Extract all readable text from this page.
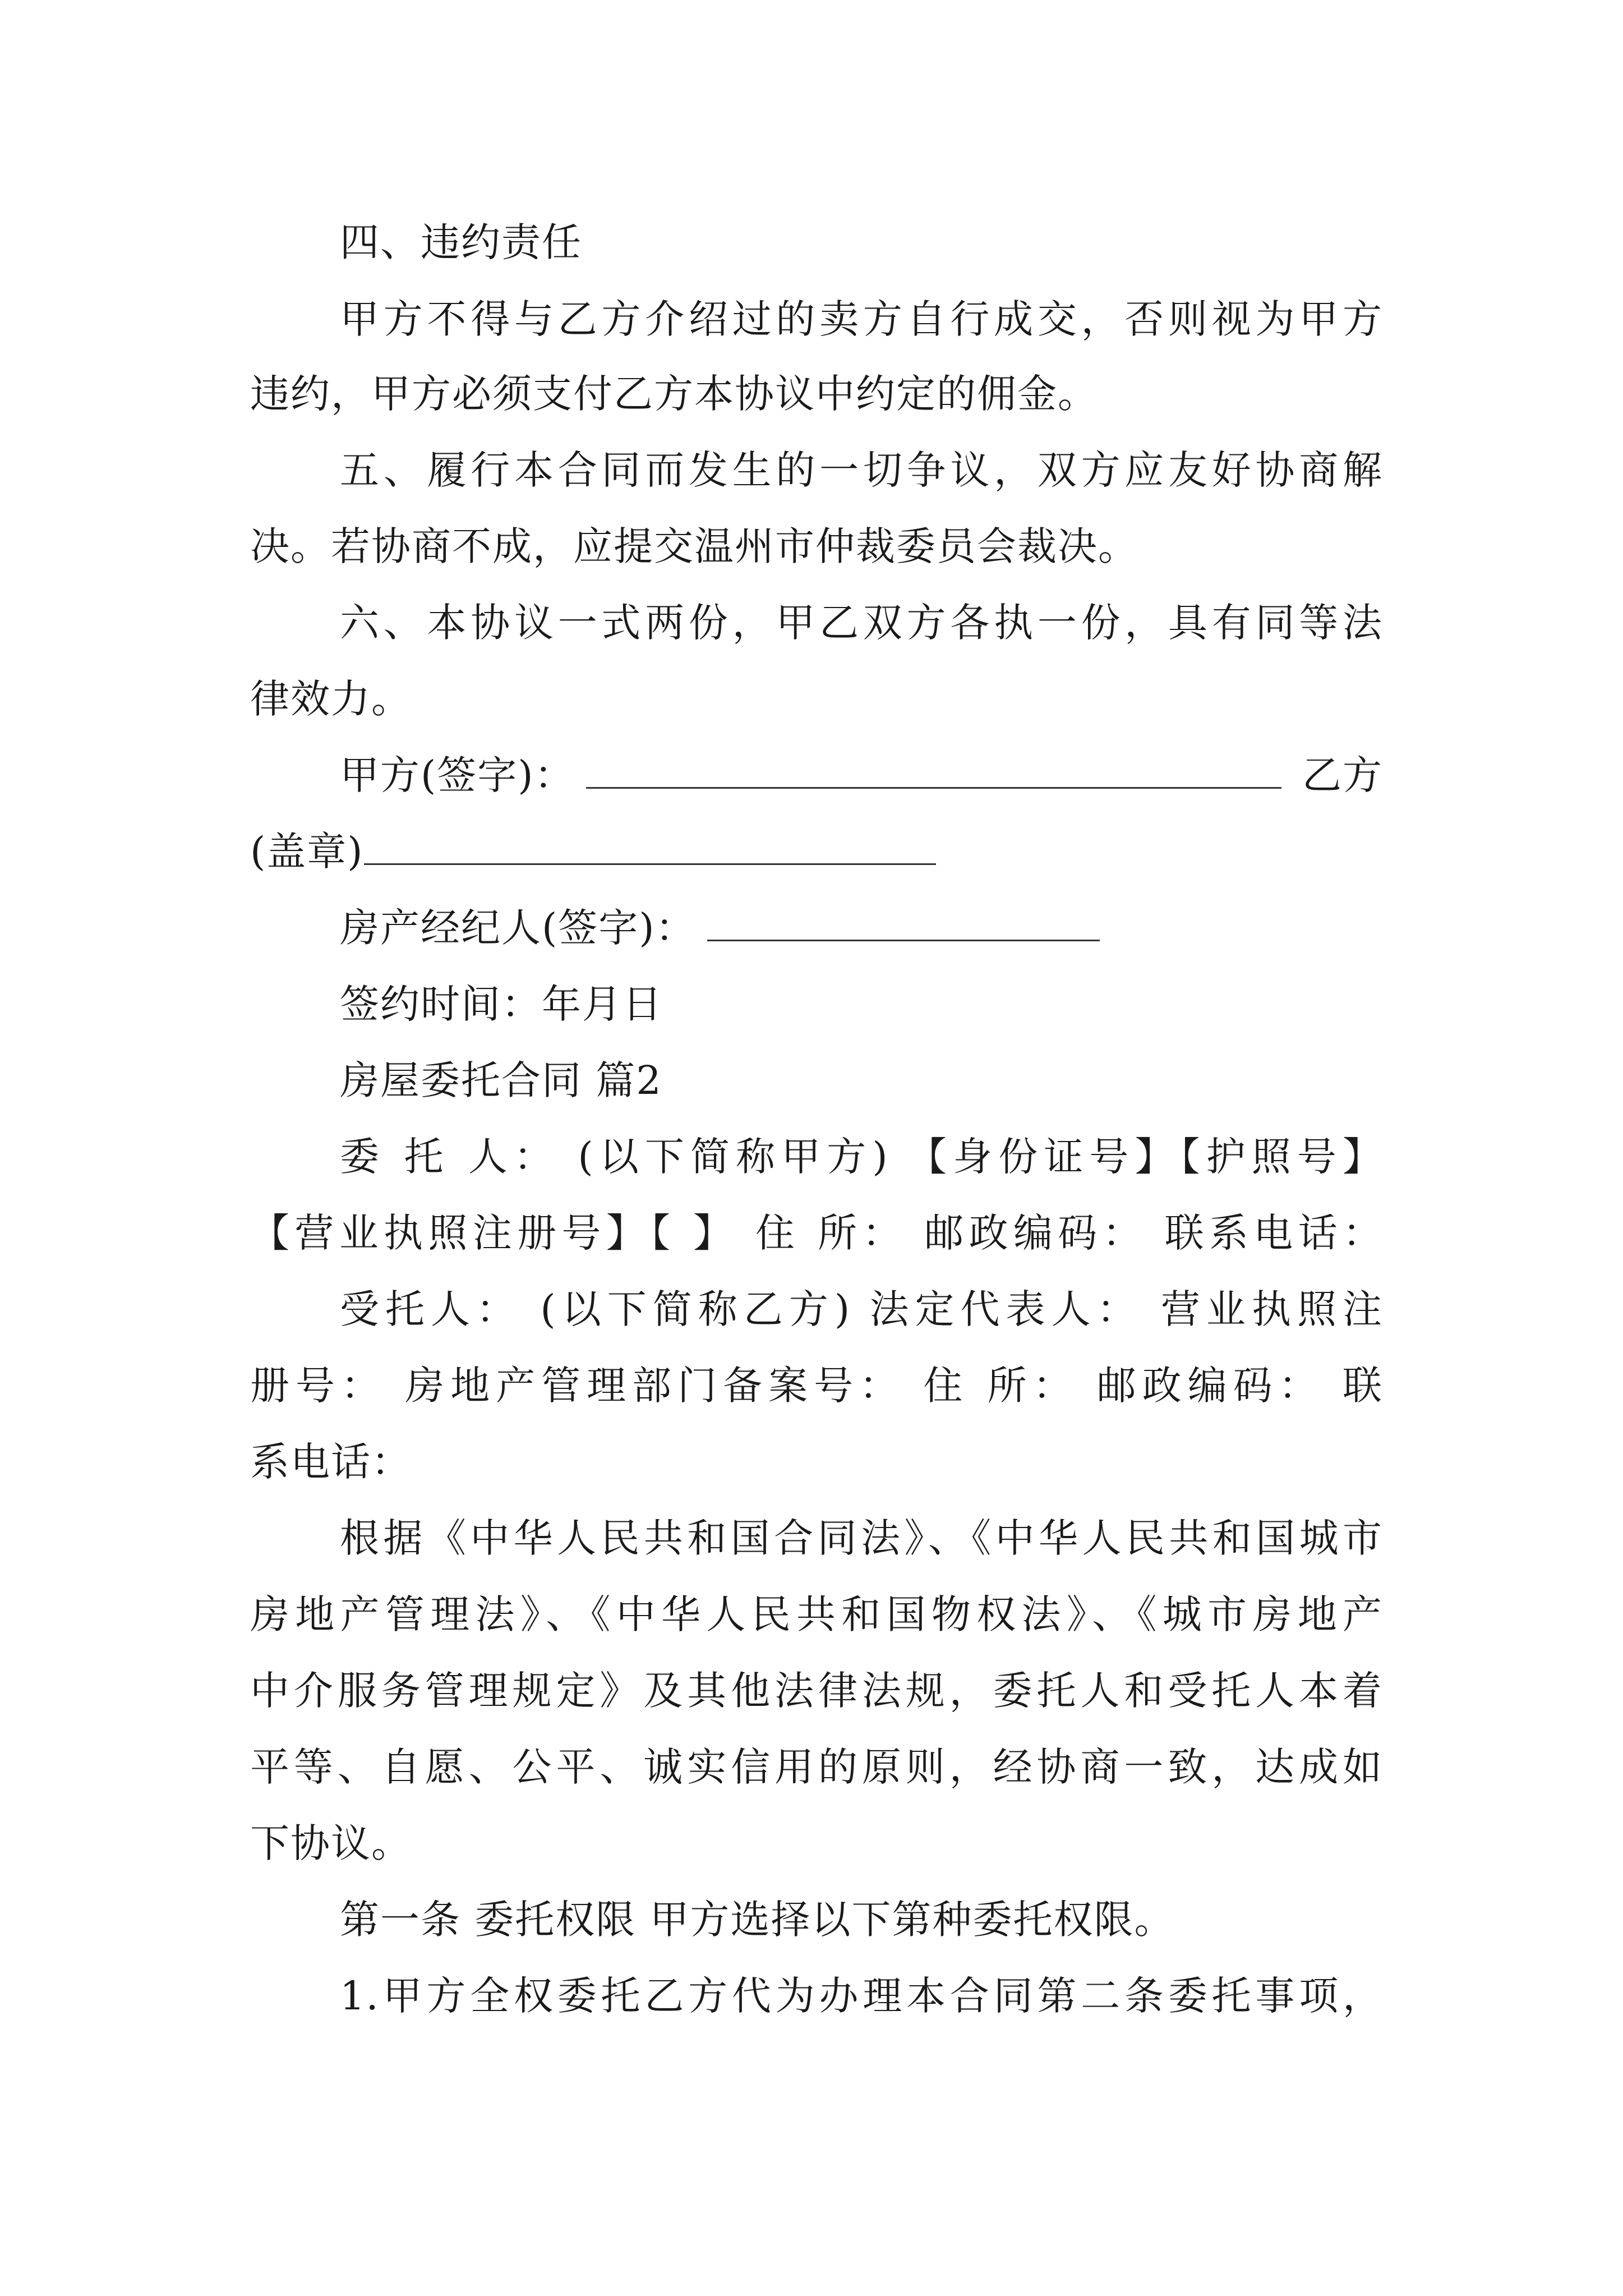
四、违约责任
甲方不得与乙方介绍过的卖方自行成交，否则视为甲方
违约，甲方必须支付乙方本协议中约定的佣金。
五、履行本合同而发生的一切争议，双方应友好协商解
决。若协商不成，应提交温州市仲裁委员会裁决。
六、本协议一式两份，甲乙双方各执一份，具有同等法
律效力。
甲方(签字)：	乙方
(盖章)
房产经纪人(签字)：
签约时间：年月日
房屋委托合同 篇2
委 托 人： (以下简称甲方) 【身份证号】【护照号】
【营业执照注册号】【 】 住 所： 邮政编码： 联系电话：
受托人： (以下简称乙方) 法定代表人： 营业执照注
册号： 房地产管理部门备案号： 住 所： 邮政编码： 联
系电话：
根据《中华人民共和国合同法》、《中华人民共和国城市
房地产管理法》、《中华人民共和国物权法》、《城市房地产
中介服务管理规定》及其他法律法规，委托人和受托人本着
平等、自愿、公平、诚实信用的原则，经协商一致，达成如
下协议。
第一条 委托权限 甲方选择以下第种委托权限。
1.甲方全权委托乙方代为办理本合同第二条委托事项，
